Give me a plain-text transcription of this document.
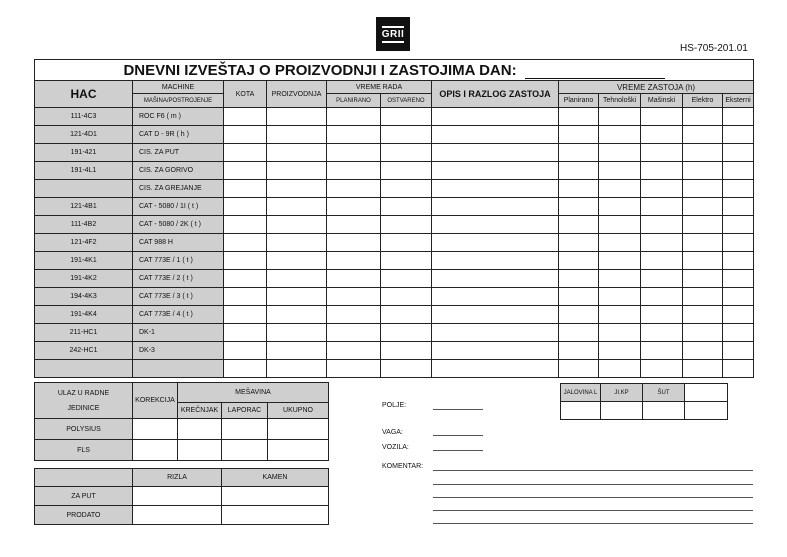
GRII
HS-705-201.01
DNEVNI IZVEŠTAJ O PROIZVODNJI I ZASTOJIMA DAN:											
HAC	MACHINE	KOTA	PROIZVODNJA	VREME RADA		OPIS I RAZLOG ZASTOJA	VREME ZASTOJA (h)				
	MAŠINA/POSTROJENJE			PLANIRANO	OSTVARENO		Planirano	Tehnološki	Mašinski	Elektro	Eksterni
111-4C3	ROC F6 ( m )										
121-4D1	CAT D - 9R ( h )										
191-421	CIS. ZA PUT										
191-4L1	CIS. ZA GORIVO										
	CIS. ZA GREJANJE										
121-4B1	CAT - 5080 / 1I ( t )										
111-4B2	CAT - 5080 / 2K ( t )										
121-4F2	CAT 988 H										
191-4K1	CAT 773E / 1 ( t )										
191-4K2	CAT 773E / 2 ( t )										
194-4K3	CAT 773E / 3 ( t )										
191-4K4	CAT 773E / 4 ( t )										
211-HC1	DK-1										
242-HC1	DK-3										

ULAZ U RADNE
JEDINICE	KOREKCIJA	MEŠAVINA		
		KREČNJAK	LAPORAC	UKUPNO
POLYSIUS				
FLS				
	RIZLA	KAMEN
ZA PUT		
PRODATO		
JALOVINA L	JI.KP	ŠUT	

POLJE:
VAGA:
VOZILA:
KOMENTAR:
